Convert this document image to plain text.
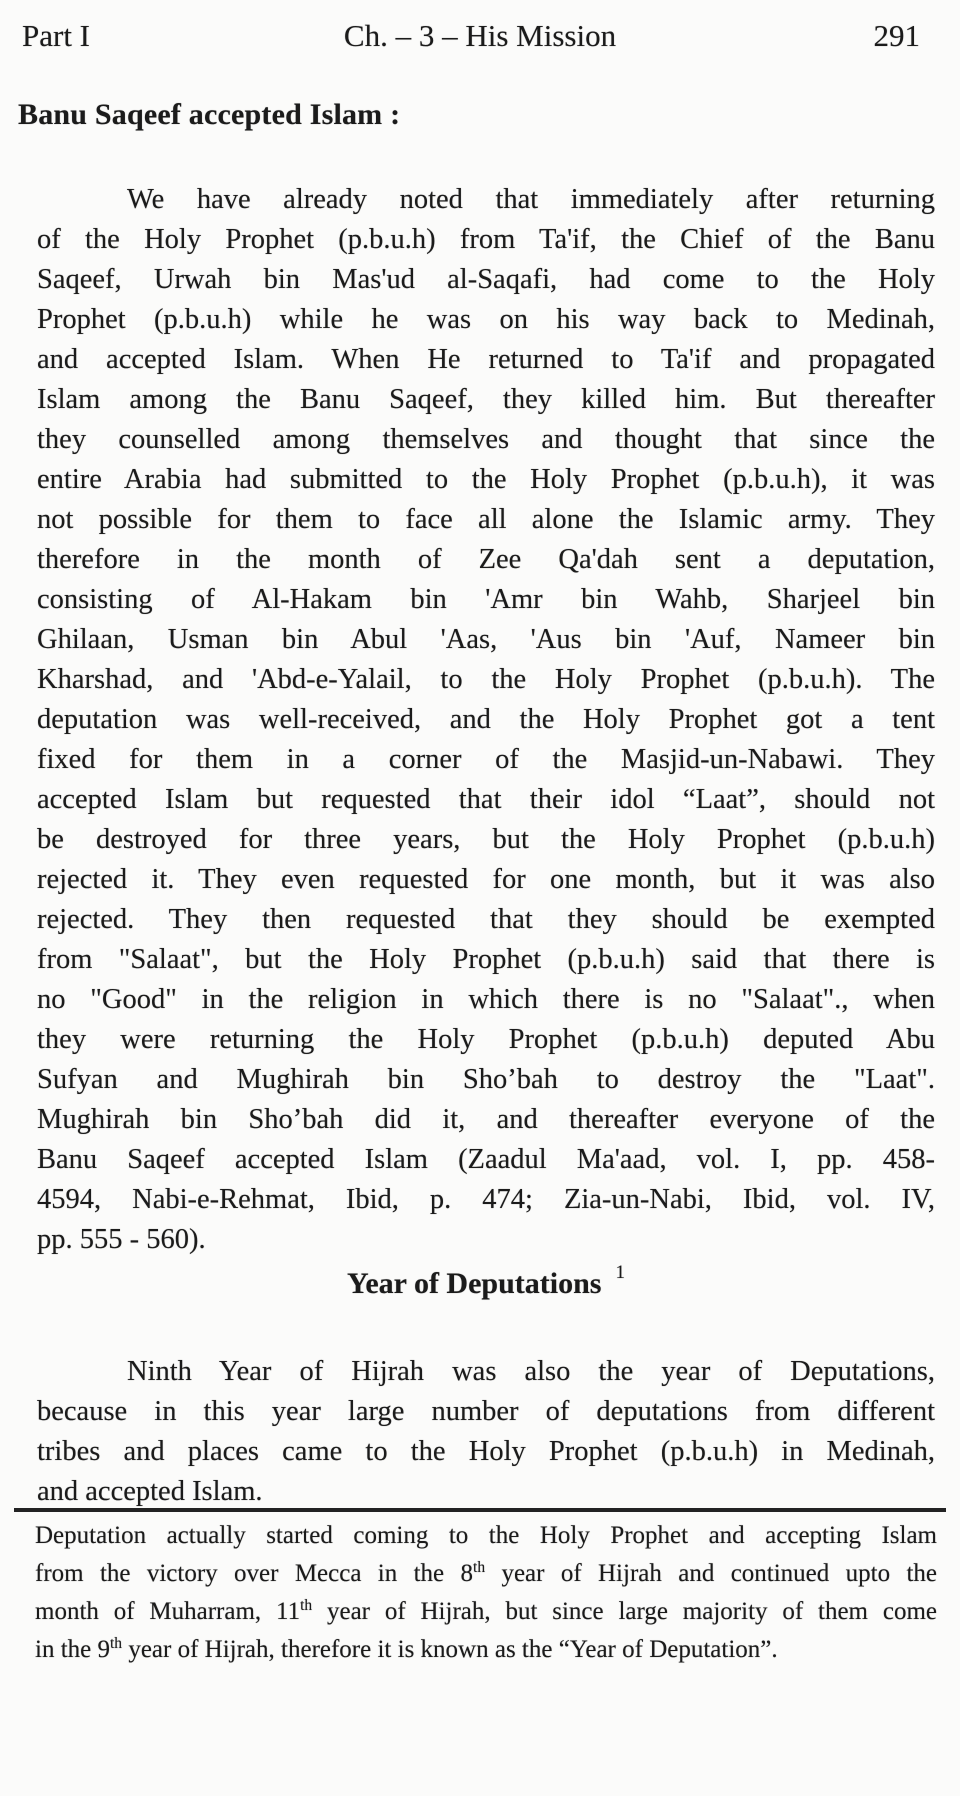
Part I	Ch. – 3 – His Mission	291
Banu Saqeef accepted Islam :
We have already noted that immediately after returning
of the Holy Prophet (p.b.u.h) from Ta'if, the Chief of the Banu
Saqeef, Urwah bin Mas'ud al-Saqafi, had come to the Holy
Prophet (p.b.u.h) while he was on his way back to Medinah,
and accepted Islam. When He returned to Ta'if and propagated
Islam among the Banu Saqeef, they killed him. But thereafter
they counselled among themselves and thought that since the
entire Arabia had submitted to the Holy Prophet (p.b.u.h), it was
not possible for them to face all alone the Islamic army. They
therefore in the month of Zee Qa'dah sent a deputation,
consisting of Al-Hakam bin 'Amr bin Wahb, Sharjeel bin
Ghilaan, Usman bin Abul 'Aas, 'Aus bin 'Auf, Nameer bin
Kharshad, and 'Abd-e-Yalail, to the Holy Prophet (p.b.u.h). The
deputation was well-received, and the Holy Prophet got a tent
fixed for them in a corner of the Masjid-un-Nabawi. They
accepted Islam but requested that their idol “Laat”, should not
be destroyed for three years, but the Holy Prophet (p.b.u.h)
rejected it. They even requested for one month, but it was also
rejected. They then requested that they should be exempted
from "Salaat", but the Holy Prophet (p.b.u.h) said that there is
no "Good" in the religion in which there is no "Salaat"., when
they were returning the Holy Prophet (p.b.u.h) deputed Abu
Sufyan and Mughirah bin Sho’bah to destroy the "Laat".
Mughirah bin Sho’bah did it, and thereafter everyone of the
Banu Saqeef accepted Islam (Zaadul Ma'aad, vol. I, pp. 458-
4594, Nabi-e-Rehmat, Ibid, p. 474; Zia-un-Nabi, Ibid, vol. IV,
pp. 555 - 560).
Year of Deputations $^1$
Ninth Year of Hijrah was also the year of Deputations,
because in this year large number of deputations from different
tribes and places came to the Holy Prophet (p.b.u.h) in Medinah,
and accepted Islam.
Deputation actually started coming to the Holy Prophet and accepting Islam
from the victory over Mecca in the 8th year of Hijrah and continued upto the
month of Muharram, 11th year of Hijrah, but since large majority of them come
in the 9th year of Hijrah, therefore it is known as the “Year of Deputation”.
